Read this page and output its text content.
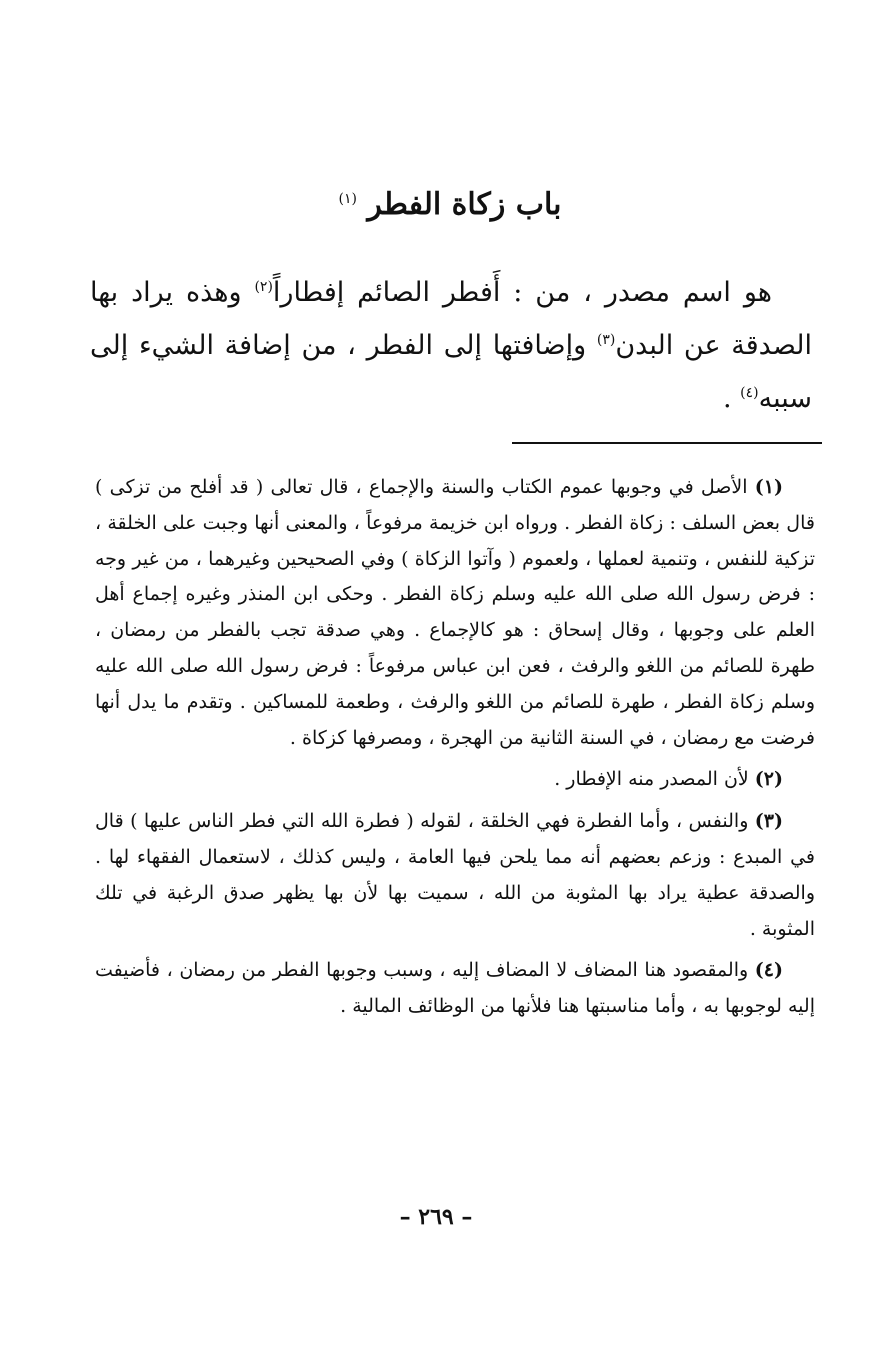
باب زكاة الفطر $^{(١)}$
هو اسم مصدر ، من : أَفطر الصائم إفطاراً$^{(٢)}$ وهذه يراد بها الصدقة عن البدن$^{(٣)}$ وإضافتها إلى الفطر ، من إضافة الشيء إلى سببه$^{(٤)}$ .

(١) الأصل في وجوبها عموم الكتاب والسنة والإجماع ، قال تعالى ( قد أفلح من تزكى ) قال بعض السلف : زكاة الفطر . ورواه ابن خزيمة مرفوعاً ، والمعنى أنها وجبت على الخلقة ، تزكية للنفس ، وتنمية لعملها ، ولعموم ( وآتوا الزكاة ) وفي الصحيحين وغيرهما ، من غير وجه : فرض رسول الله صلى الله عليه وسلم زكاة الفطر . وحكى ابن المنذر وغيره إجماع أهل العلم على وجوبها ، وقال إسحاق : هو كالإجماع . وهي صدقة تجب بالفطر من رمضان ، طهرة للصائم من اللغو والرفث ، فعن ابن عباس مرفوعاً : فرض رسول الله صلى الله عليه وسلم زكاة الفطر ، طهرة للصائم من اللغو والرفث ، وطعمة للمساكين . وتقدم ما يدل أنها فرضت مع رمضان ، في السنة الثانية من الهجرة ، ومصرفها كزكاة .

(٢) لأن المصدر منه الإفطار .

(٣) والنفس ، وأما الفطرة فهي الخلقة ، لقوله ( فطرة الله التي فطر الناس عليها ) قال في المبدع : وزعم بعضهم أنه مما يلحن فيها العامة ، وليس كذلك ، لاستعمال الفقهاء لها . والصدقة عطية يراد بها المثوبة من الله ، سميت بها لأن بها يظهر صدق الرغبة في تلك المثوبة .

(٤) والمقصود هنا المضاف لا المضاف إليه ، وسبب وجوبها الفطر من رمضان ، فأضيفت إليه لوجوبها به ، وأما مناسبتها هنا فلأنها من الوظائف المالية .

– ٢٦٩ –
